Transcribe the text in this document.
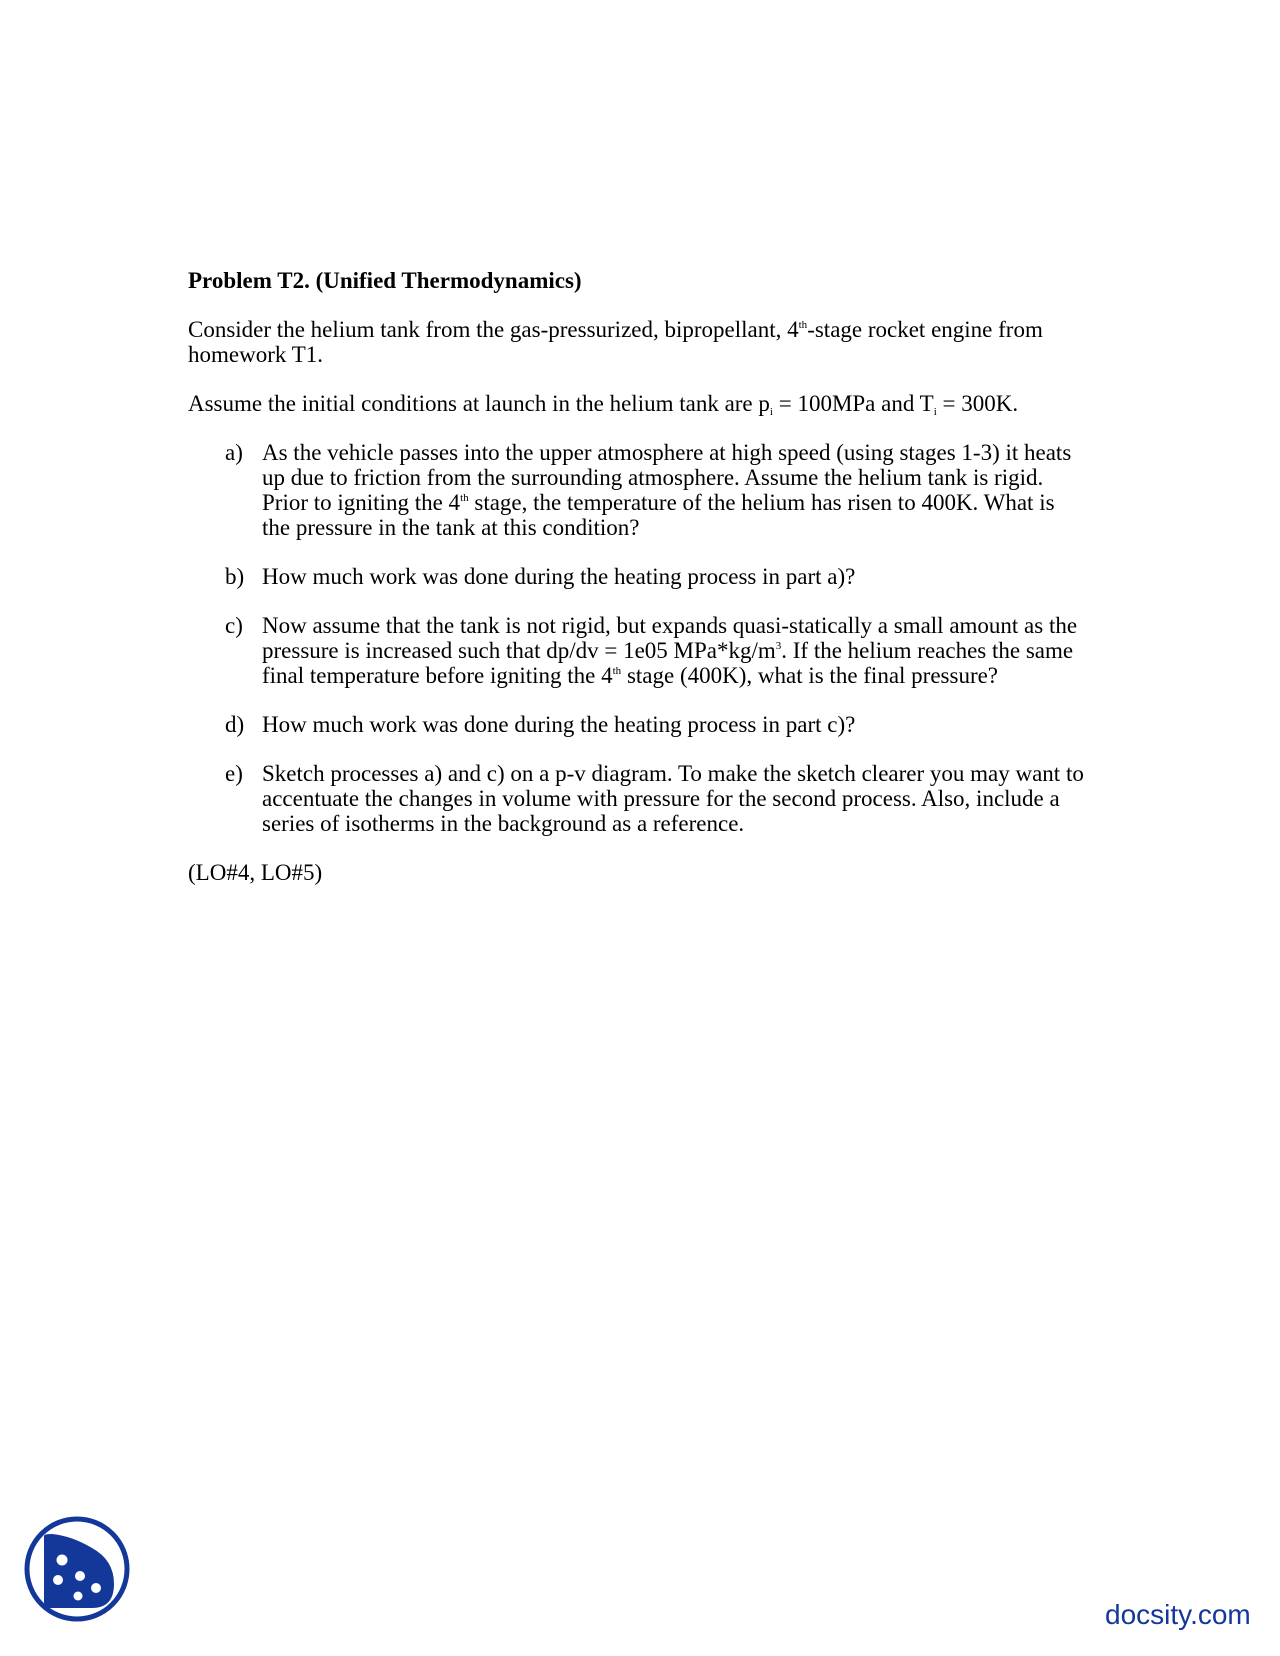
Problem T2. (Unified Thermodynamics)

Consider the helium tank from the gas-pressurized, bipropellant, 4th-stage rocket engine from homework T1.

Assume the initial conditions at launch in the helium tank are $p_i = 100MPa$ and $T_i = 300K$.

a) As the vehicle passes into the upper atmosphere at high speed (using stages 1-3) it heats up due to friction from the surrounding atmosphere. Assume the helium tank is rigid. Prior to igniting the 4th stage, the temperature of the helium has risen to 400K. What is the pressure in the tank at this condition?
b) How much work was done during the heating process in part a)?
c) Now assume that the tank is not rigid, but expands quasi-statically a small amount as the pressure is increased such that dp/dv = 1e05 $MPa*kg/m^3$. If the helium reaches the same final temperature before igniting the 4th stage (400K), what is the final pressure?
d) How much work was done during the heating process in part c)?
e) Sketch processes a) and c) on a p-v diagram. To make the sketch clearer you may want to accentuate the changes in volume with pressure for the second process. Also, include a series of isotherms in the background as a reference.

(LO#4, LO#5)

docsity.com
